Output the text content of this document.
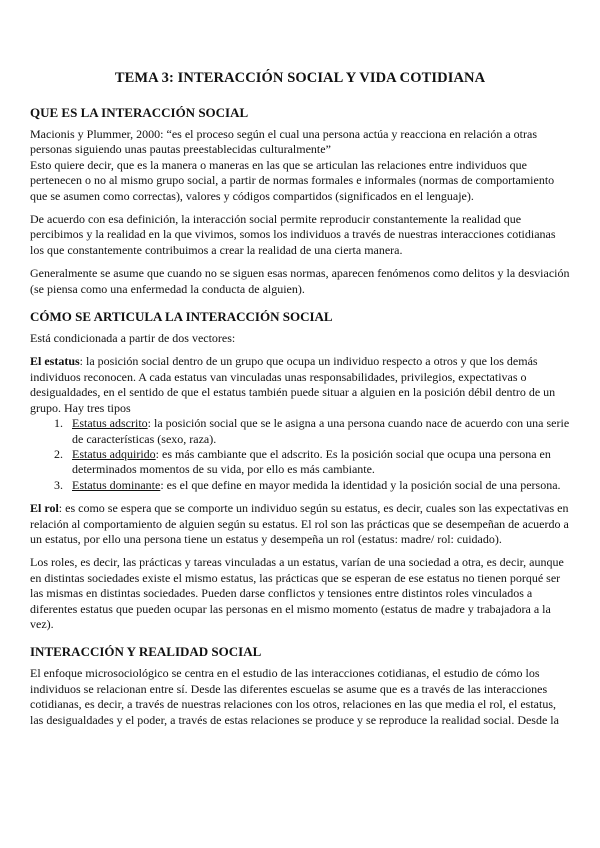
TEMA 3: INTERACCIÓN SOCIAL Y VIDA COTIDIANA
QUE ES LA INTERACCIÓN SOCIAL

Macionis y Plummer, 2000: “es el proceso según el cual una persona actúa y reacciona en relación a otras personas siguiendo unas pautas preestablecidas culturalmente”

Esto quiere decir, que es la manera o maneras en las que se articulan las relaciones entre individuos que pertenecen o no al mismo grupo social, a partir de normas formales e informales (normas de comportamiento que se asumen como correctas), valores y códigos compartidos (significados en el lenguaje).

De acuerdo con esa definición, la interacción social permite reproducir constantemente la realidad que percibimos y la realidad en la que vivimos, somos los individuos a través de nuestras interacciones cotidianas los que constantemente contribuimos a crear la realidad de una cierta manera.

Generalmente se asume que cuando no se siguen esas normas, aparecen fenómenos como delitos y la desviación (se piensa como una enfermedad la conducta de alguien).

CÓMO SE ARTICULA LA INTERACCIÓN SOCIAL

Está condicionada a partir de dos vectores:

El estatus: la posición social dentro de un grupo que ocupa un individuo respecto a otros y que los demás individuos reconocen. A cada estatus van vinculadas unas responsabilidades, privilegios, expectativas o desigualdades, en el sentido de que el estatus también puede situar a alguien en la posición débil dentro de un grupo. Hay tres tipos

1. Estatus adscrito: la posición social que se le asigna a una persona cuando nace de acuerdo con una serie de características (sexo, raza).
2. Estatus adquirido: es más cambiante que el adscrito. Es la posición social que ocupa una persona en determinados momentos de su vida, por ello es más cambiante.
3. Estatus dominante: es el que define en mayor medida la identidad y la posición social de una persona.

El rol: es como se espera que se comporte un individuo según su estatus, es decir, cuales son las expectativas en relación al comportamiento de alguien según su estatus. El rol son las prácticas que se desempeñan de acuerdo a un estatus, por ello una persona tiene un estatus y desempeña un rol (estatus: madre/ rol: cuidado).

Los roles, es decir, las prácticas y tareas vinculadas a un estatus, varían de una sociedad a otra, es decir, aunque en distintas sociedades existe el mismo estatus, las prácticas que se esperan de ese estatus no tienen porqué ser las mismas en distintas sociedades. Pueden darse conflictos y tensiones entre distintos roles vinculados a diferentes estatus que pueden ocupar las personas en el mismo momento (estatus de madre y trabajadora a la vez).

INTERACCIÓN Y REALIDAD SOCIAL

El enfoque microsociológico se centra en el estudio de las interacciones cotidianas, el estudio de cómo los individuos se relacionan entre sí. Desde las diferentes escuelas se asume que es a través de las interacciones cotidianas, es decir, a través de nuestras relaciones con los otros, relaciones en las que media el rol, el estatus, las desigualdades y el poder, a través de estas relaciones se produce y se reproduce la realidad social. Desde la
